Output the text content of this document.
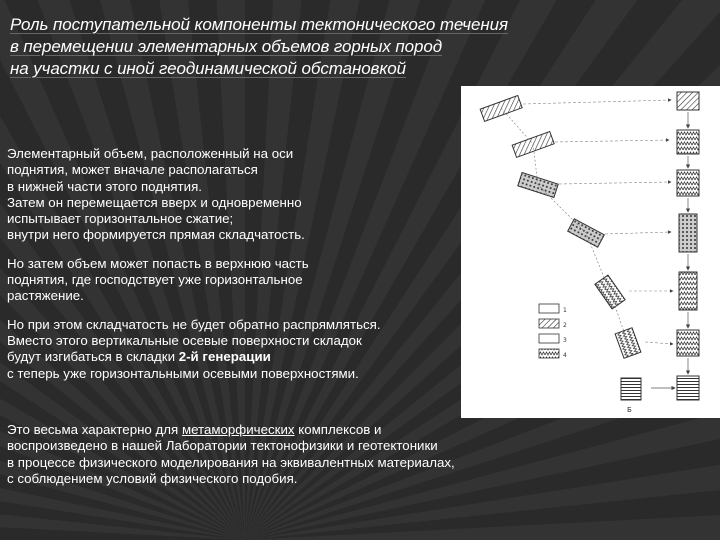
Роль поступательной компоненты тектонического течения
в перемещении элементарных объемов горных пород
на участки с иной геодинамической обстановкой
Б
1
2
3
4
Элементарный объем, расположенный на оси
поднятия, может вначале располагаться
в нижней части этого поднятия.
Затем он перемещается вверх и одновременно
испытывает горизонтальное сжатие;
внутри него формируется прямая складчатость.
Но затем объем может попасть в верхнюю часть
поднятия, где господствует уже горизонтальное
растяжение.
Но при этом складчатость не будет обратно распрямляться.
Вместо этого вертикальные осевые поверхности складок
будут изгибаться в складки 2-й генерации
с теперь уже горизонтальными осевыми поверхностями.
Это весьма характерно для метаморфических комплексов и
воспроизведено в нашей Лаборатории тектонофизики и геотектоники
в процессе физического моделирования на эквивалентных материалах,
с соблюдением условий физического подобия.
